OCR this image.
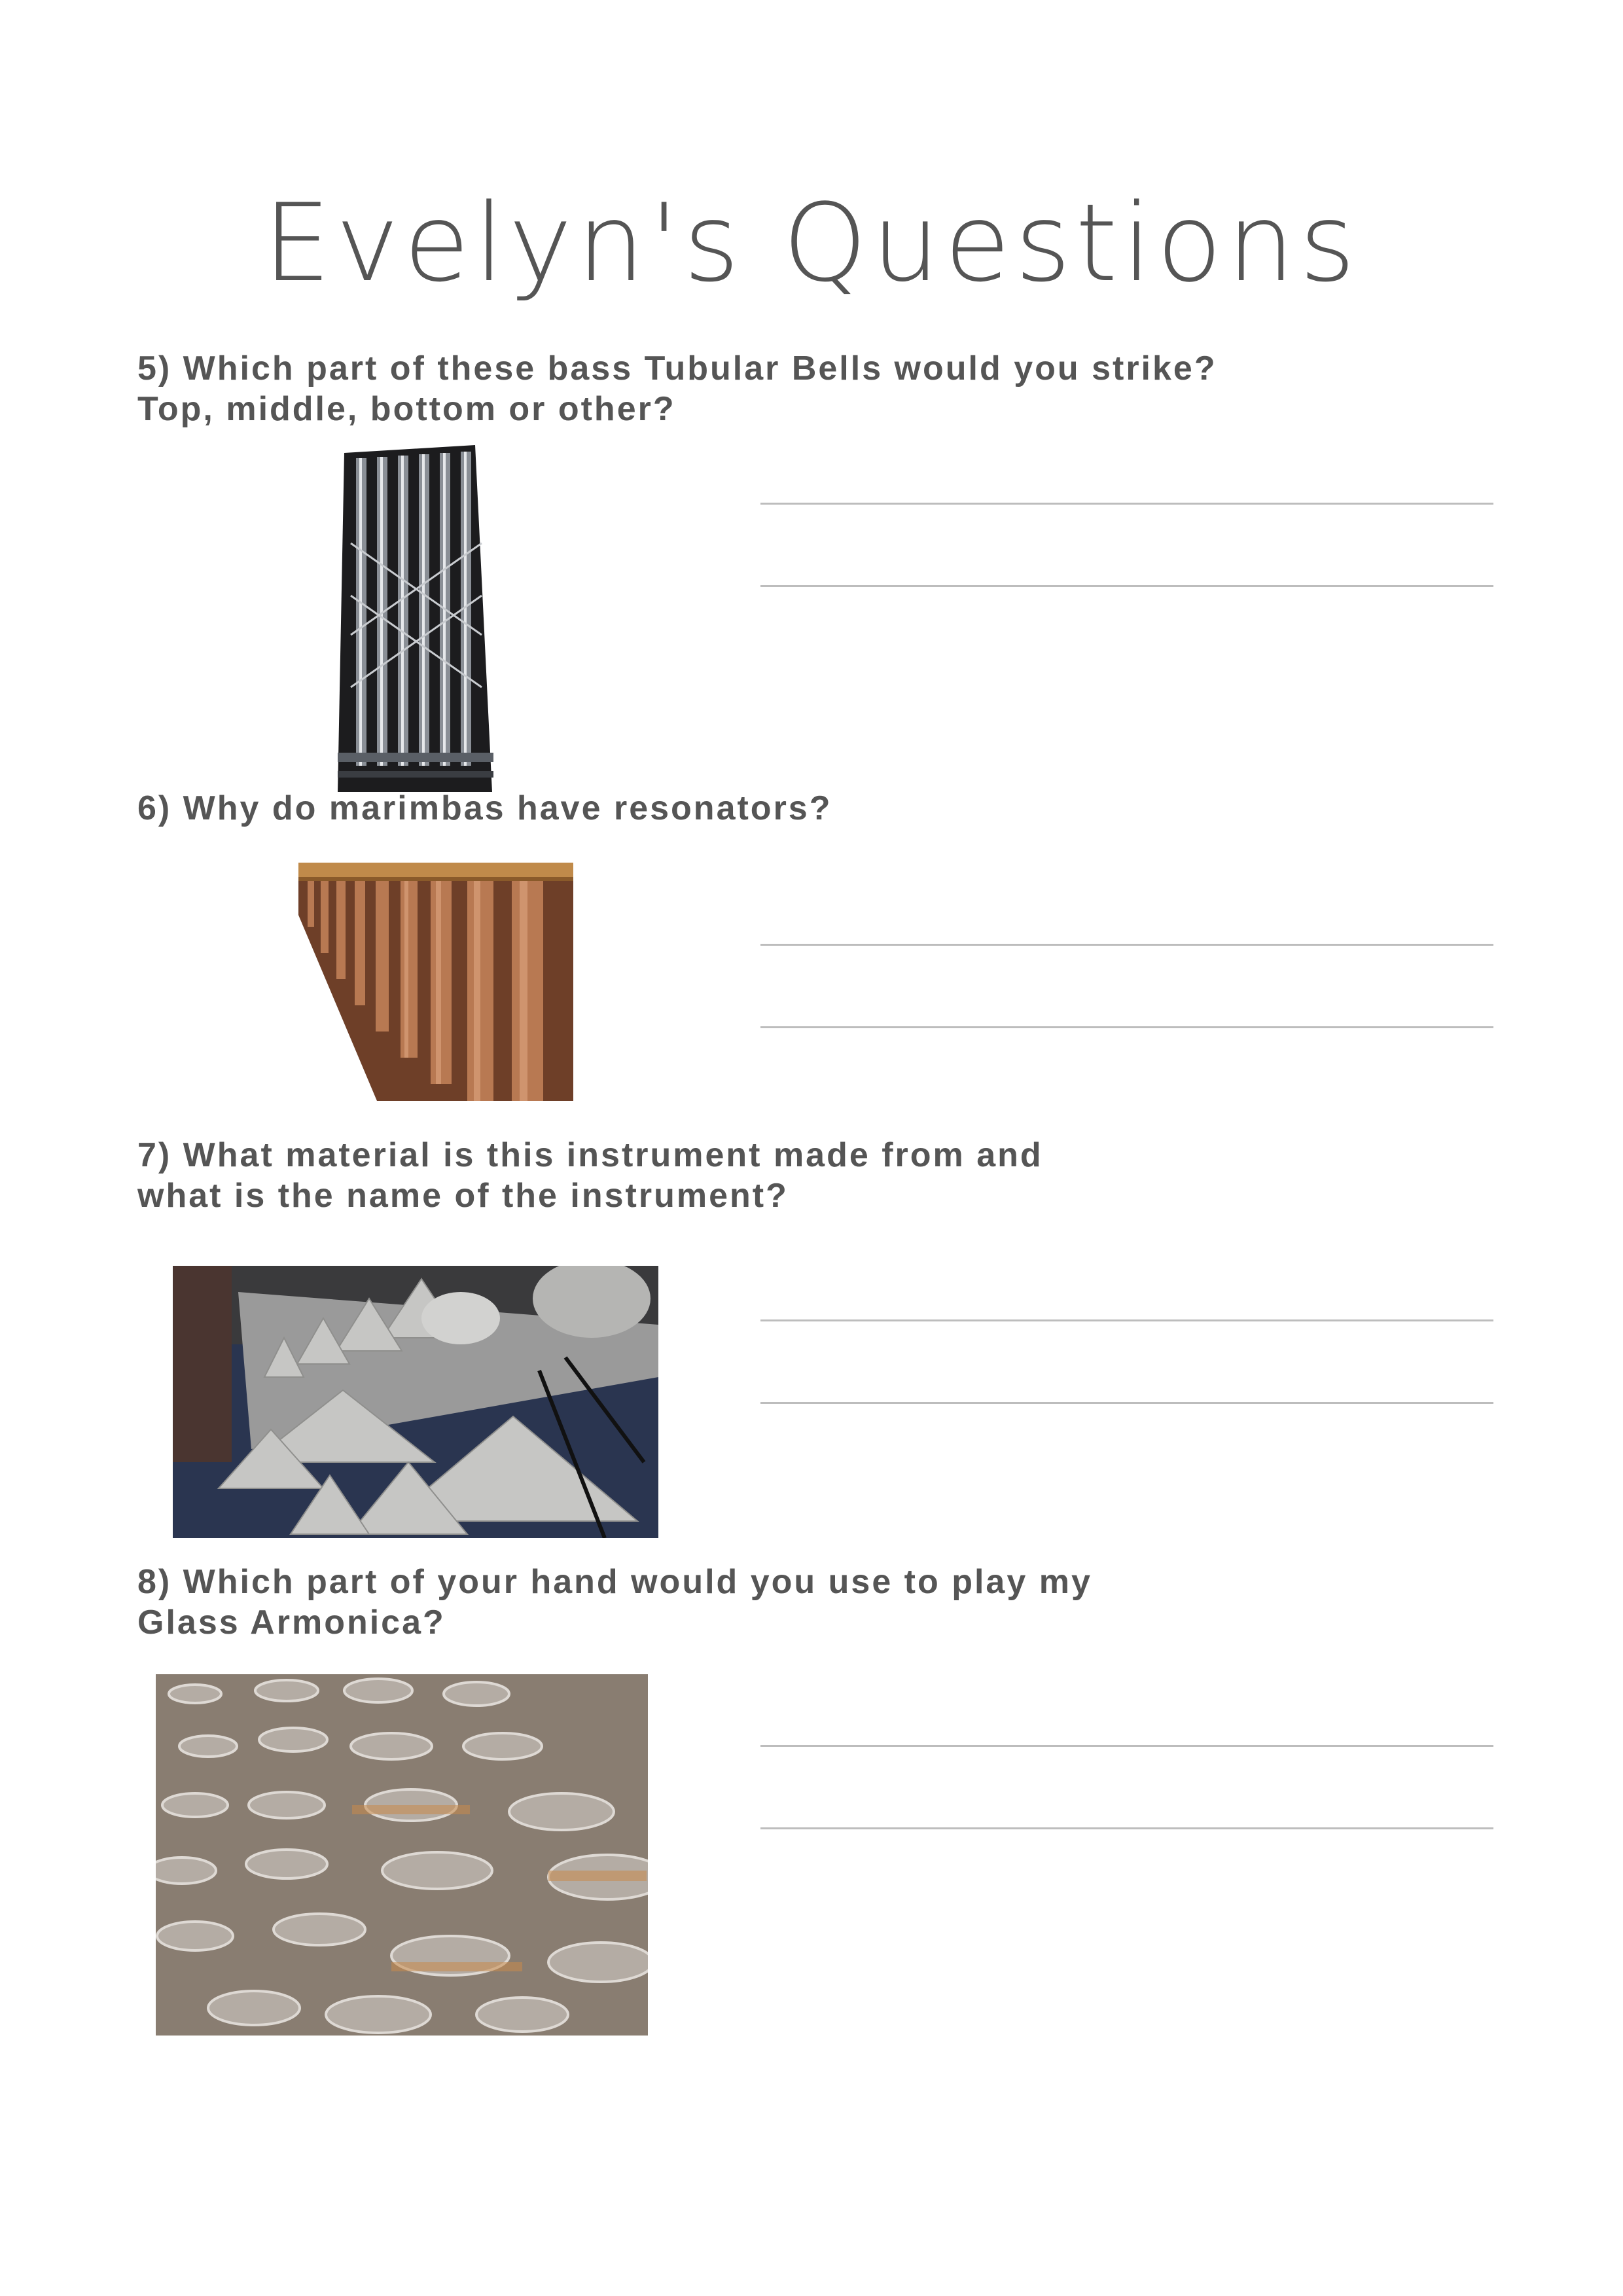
Evelyn's Questions
5) Which part of these bass Tubular Bells would you strike?
Top, middle, bottom or other?
6) Why do marimbas have resonators?
7) What material is this instrument made from and
what is the name of the instrument?
8) Which part of your hand would you use to play my
Glass Armonica?
